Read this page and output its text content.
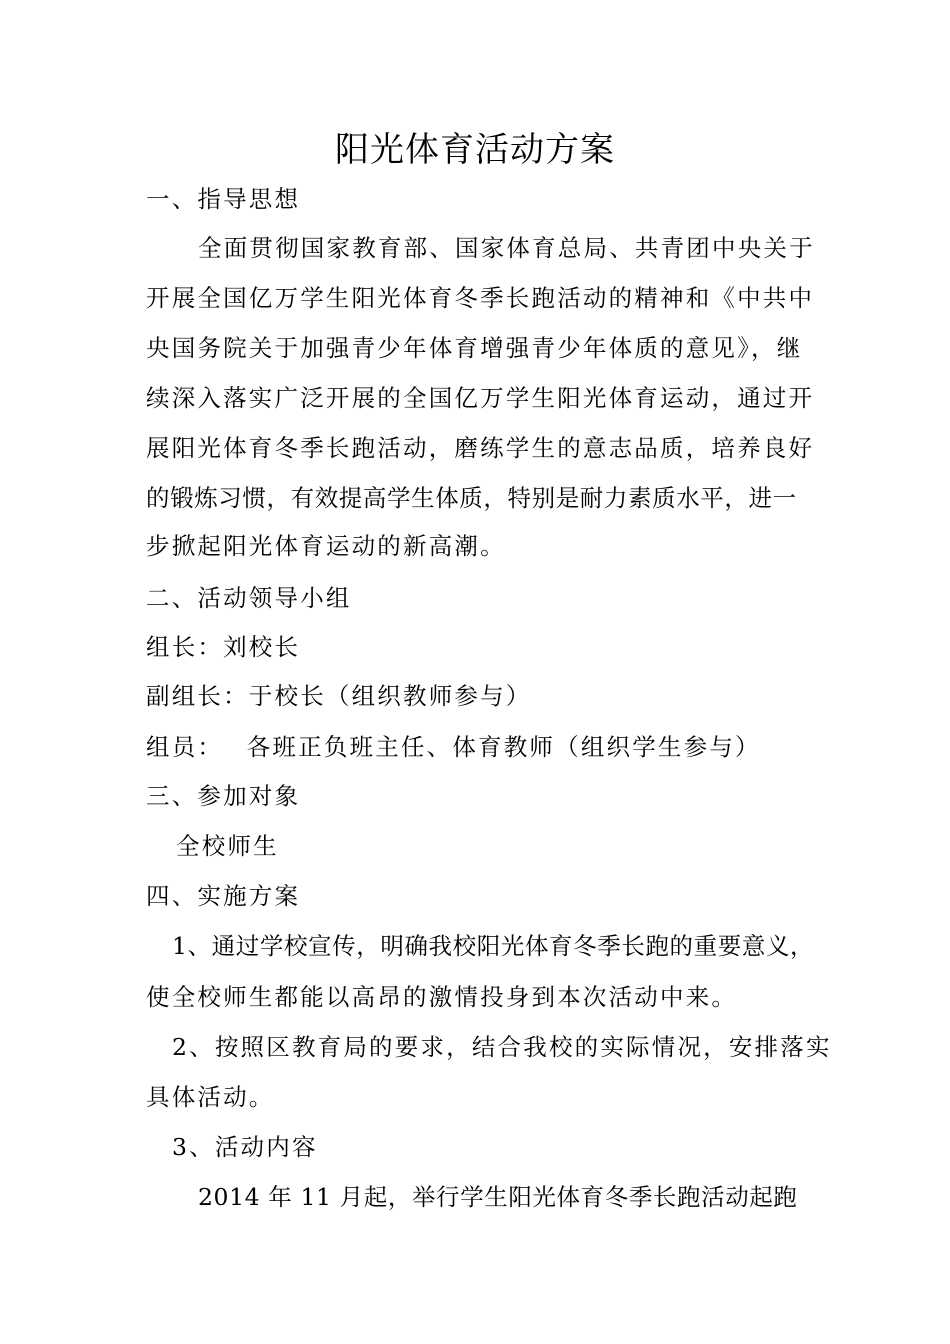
阳光体育活动方案
一、指导思想
全面贯彻国家教育部、国家体育总局、共青团中央关于
开展全国亿万学生阳光体育冬季长跑活动的精神和《中共中
央国务院关于加强青少年体育增强青少年体质的意见》，继
续深入落实广泛开展的全国亿万学生阳光体育运动，通过开
展阳光体育冬季长跑活动，磨练学生的意志品质，培养良好
的锻炼习惯，有效提高学生体质，特别是耐力素质水平，进一
步掀起阳光体育运动的新高潮。
二、活动领导小组
组长：刘校长
副组长：于校长（组织教师参与）
组员：　 各班正负班主任、体育教师（组织学生参与）
三、参加对象
全校师生
四、实施方案
1、通过学校宣传，明确我校阳光体育冬季长跑的重要意义，
使全校师生都能以高昂的激情投身到本次活动中来。
2、按照区教育局的要求，结合我校的实际情况，安排落实
具体活动。
3、活动内容
2014 年 11 月起，举行学生阳光体育冬季长跑活动起跑
